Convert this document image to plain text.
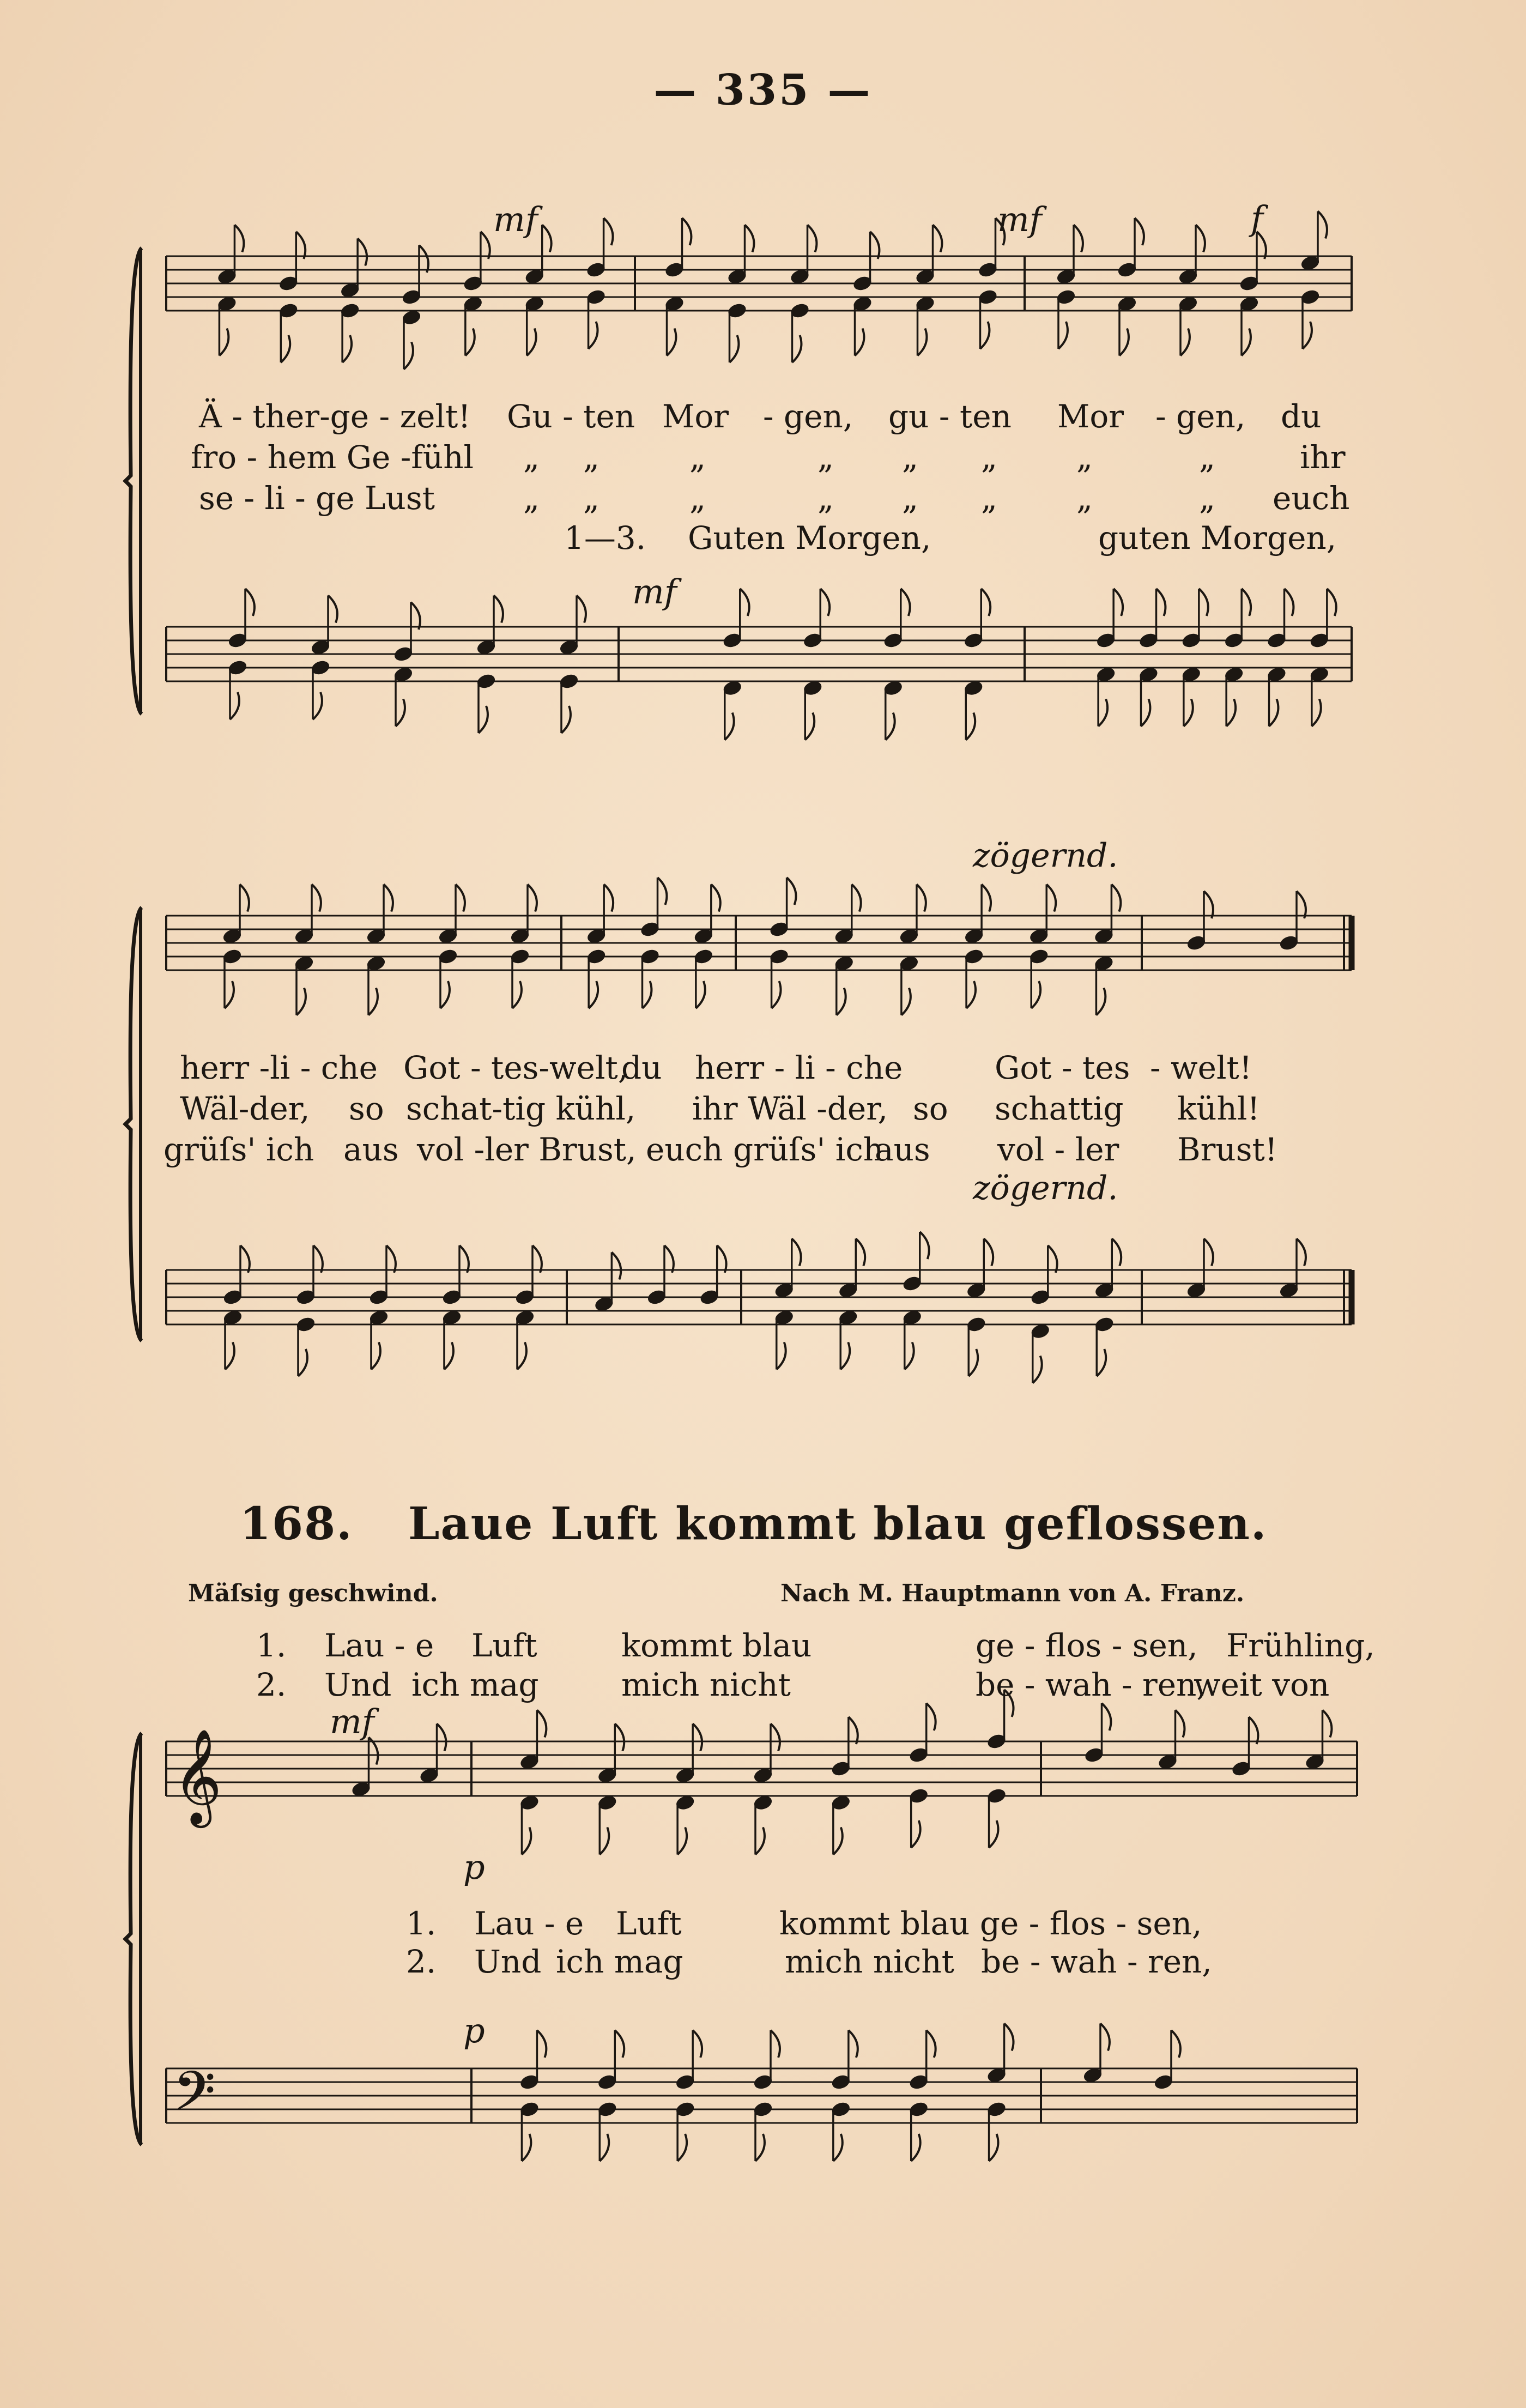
— 335 —
𝄞
𝄢
mf	mf	f
mf
Ä - ther-ge - zelt! Gu - ten Mor - gen, gu - ten Mor - gen, du
fro - hem Ge -fühl „ „	„	„ „ „ „	„	ihr
se - li - ge Lust	„ „	„	„ „ „ „	„ euch
1—3. Guten Morgen,	guten Morgen,
zögernd.
zögernd.
herr -li - che Got - tes-welt,
du herr - li - che	Got - tes - welt!
Wäl-der, so schat-tig kühl, ihr Wäl -der, so schattig kühl!
grüſs' ich aus vol -ler Brust, euch grüſs' ich
aus vol - ler Brust!
168. Laue Luft kommt blau geflossen.
Mäſsig geschwind.	Nach M. Hauptmann von A. Franz.
1. Lau - e Luft	kommt blau	ge - flos - sen, Frühling,
2. Und ich mag	mich nicht	be - wah - ren,
weit von
1. Lau - e Luft	kommt blau ge - flos - sen,
2. Und ich mag	mich nicht be - wah - ren,
mf
p
p
